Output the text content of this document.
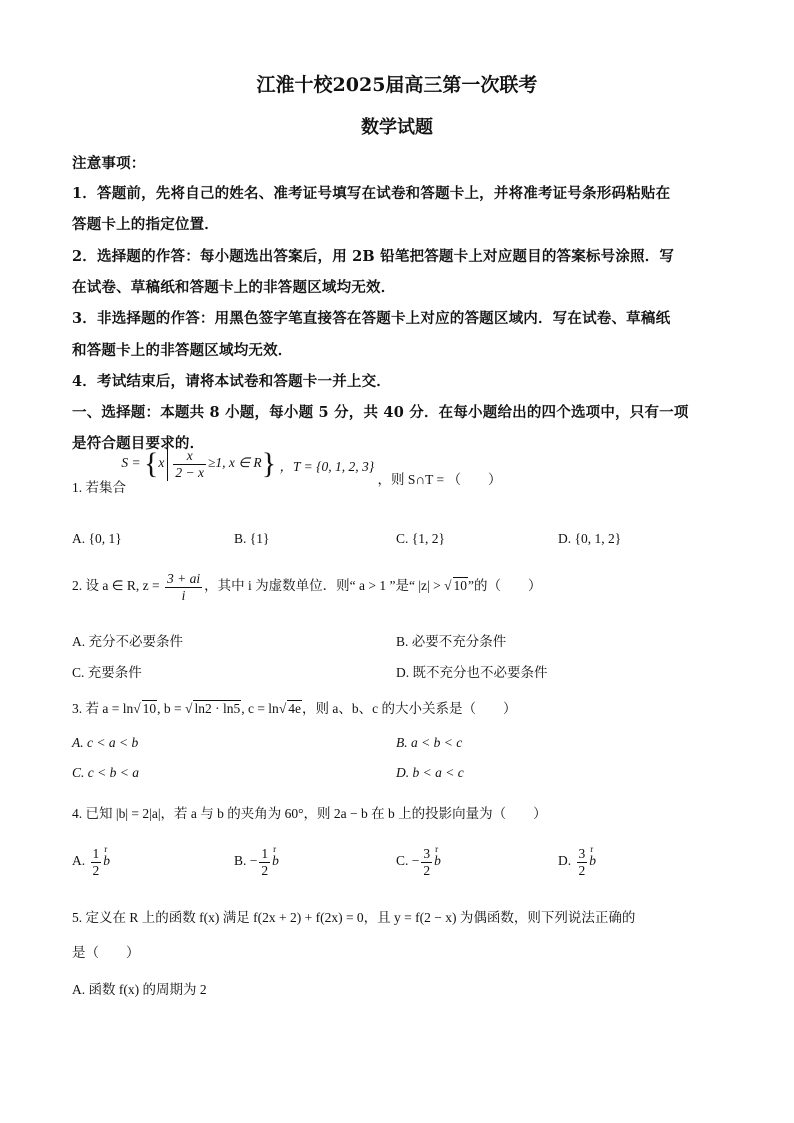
江淮十校2025届高三第一次联考
数学试题
注意事项：
1．答题前，先将自己的姓名、准考证号填写在试卷和答题卡上，并将准考证号条形码粘贴在
答题卡上的指定位置．
2．选择题的作答：每小题选出答案后，用 2B 铅笔把答题卡上对应题目的答案标号涂照．写
在试卷、草稿纸和答题卡上的非答题区域均无效．
3．非选择题的作答：用黑色签字笔直接答在答题卡上对应的答题区域内．写在试卷、草稿纸
和答题卡上的非答题区域均无效．
4．考试结束后，请将本试卷和答题卡一并上交．
一、选择题：本题共 8 小题，每小题 5 分，共 40 分．在每小题给出的四个选项中，只有一项
是符合题目要求的．
1. 若集合 $S = \{x \frac{x}{2 - x} \ge 1$, x ∈ R} ，T = {0, 1, 2, 3} ，则 S∩T = （　　）
A. {0, 1}	B. {1}	C. {1, 2}	D. {0, 1, 2}
2. 设 a ∈ R, $z = \frac{3 + ai}{i}$ ，其中 i 为虚数单位．则“ a > 1 ”是“ |z| > √ 10”的（　　）
A. 充分不必要条件	B. 必要不充分条件
C. 充要条件	D. 既不充分也不必要条件
3. 若 a = ln√ 10, b = √ ln2 · ln5, c = ln√ 4e，则 a、b、c 的大小关系是（　　）
A. c < a < b	B. a < b < c
C. c < b < a	D. b < a < c
4. 已知 |b| = 2|a|，若 a 与 b 的夹角为 60°，则 2a − b 在 b 上的投影向量为（　　）
A. $\frac{1}{2}$ r b	B. − $\frac{1}{2}$ r b	C. − $\frac{3}{2}$ r b	D. $\frac{3}{2}$ r b
5. 定义在 R 上的函数 f(x) 满足 f(2x + 2) + f(2x) = 0，且 y = f(2 − x) 为偶函数，则下列说法正确的
是（　　）
A. 函数 f(x) 的周期为 2
